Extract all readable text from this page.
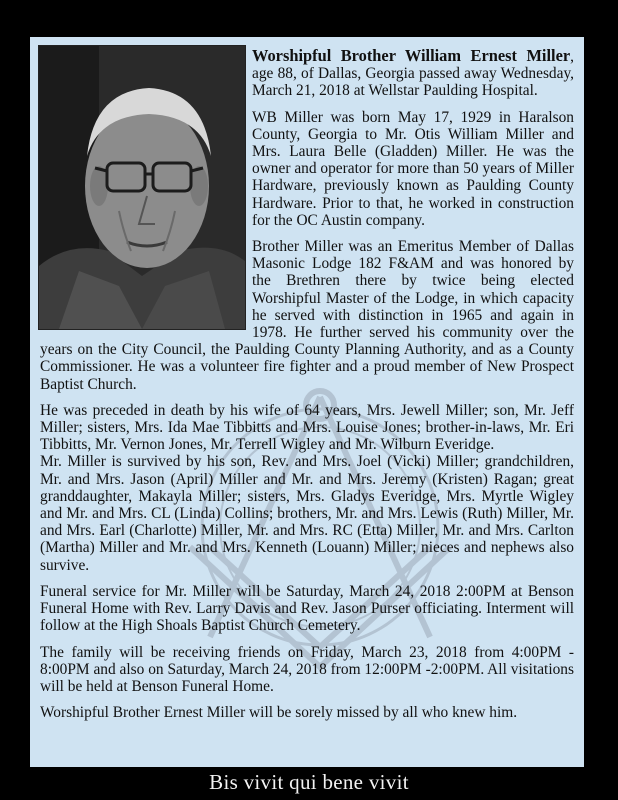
Worshipful Brother William Ernest Miller, age 88, of Dallas, Georgia passed away Wednesday, March 21, 2018 at Wellstar Paulding Hospital.

WB Miller was born May 17, 1929 in Haralson County, Georgia to Mr. Otis William Miller and Mrs. Laura Belle (Gladden) Miller. He was the owner and operator for more than 50 years of Miller Hardware, previously known as Paulding County Hardware. Prior to that, he worked in construction for the OC Austin company.

Brother Miller was an Emeritus Member of Dallas Masonic Lodge 182 F&AM and was honored by the Brethren there by twice being elected Worshipful Master of the Lodge, in which capacity he served with distinction in 1965 and again in 1978. He further served his community over the years on the City Council, the Paulding County Planning Authority, and as a County Commissioner. He was a volunteer fire fighter and a proud member of New Prospect Baptist Church.

He was preceded in death by his wife of 64 years, Mrs. Jewell Miller; son, Mr. Jeff Miller; sisters, Mrs. Ida Mae Tibbitts and Mrs. Louise Jones; brother-in-laws, Mr. Eri Tibbitts, Mr. Vernon Jones, Mr. Terrell Wigley and Mr. Wilburn Everidge.

Mr. Miller is survived by his son, Rev. and Mrs. Joel (Vicki) Miller; grandchildren, Mr. and Mrs. Jason (April) Miller and Mr. and Mrs. Jeremy (Kristen) Ragan; great granddaughter, Makayla Miller; sisters, Mrs. Gladys Everidge, Mrs. Myrtle Wigley and Mr. and Mrs. CL (Linda) Collins; brothers, Mr. and Mrs. Lewis (Ruth) Miller, Mr. and Mrs. Earl (Charlotte) Miller, Mr. and Mrs. RC (Etta) Miller, Mr. and Mrs. Carlton (Martha) Miller and Mr. and Mrs. Kenneth (Louann) Miller; nieces and nephews also survive.

Funeral service for Mr. Miller will be Saturday, March 24, 2018 2:00PM at Benson Funeral Home with Rev. Larry Davis and Rev. Jason Purser officiating. Interment will follow at the High Shoals Baptist Church Cemetery.

The family will be receiving friends on Friday, March 23, 2018 from 4:00PM - 8:00PM and also on Saturday, March 24, 2018 from 12:00PM -2:00PM. All visitations will be held at Benson Funeral Home.

Worshipful Brother Ernest Miller will be sorely missed by all who knew him.

Bis vivit qui bene vivit
